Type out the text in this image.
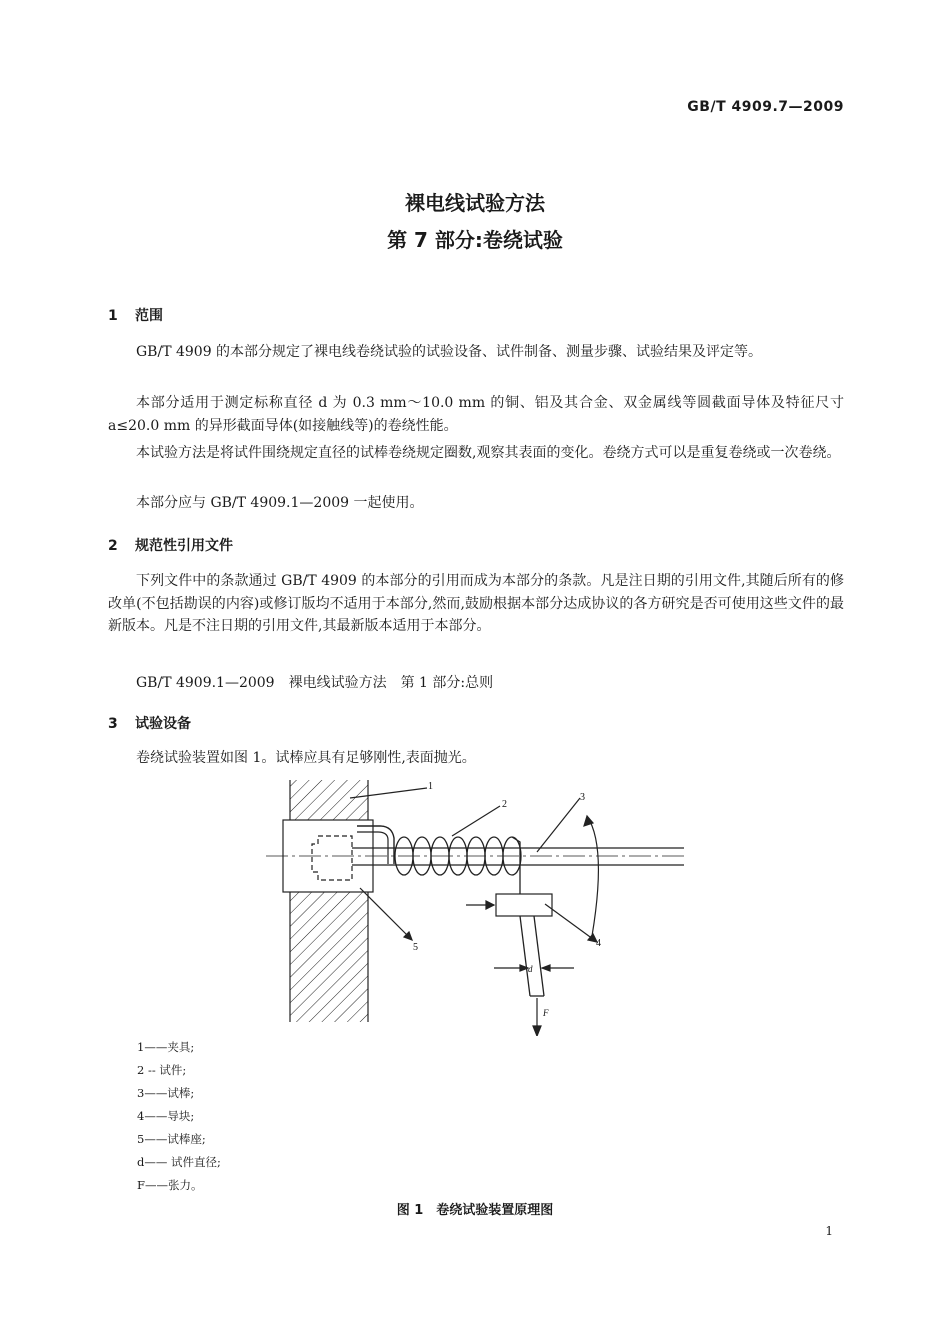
GB/T 4909.7—2009
裸电线试验方法
第 7 部分:卷绕试验
1 范围
GB/T 4909 的本部分规定了裸电线卷绕试验的试验设备、试件制备、测量步骤、试验结果及评定等。
本部分适用于测定标称直径 d 为 0.3 mm～10.0 mm 的铜、铝及其合金、双金属线等圆截面导体及特征尺寸 a≤20.0 mm 的异形截面导体(如接触线等)的卷绕性能。
本试验方法是将试件围绕规定直径的试棒卷绕规定圈数,观察其表面的变化。卷绕方式可以是重复卷绕或一次卷绕。
本部分应与 GB/T 4909.1—2009 一起使用。
2 规范性引用文件
下列文件中的条款通过 GB/T 4909 的本部分的引用而成为本部分的条款。凡是注日期的引用文件,其随后所有的修改单(不包括勘误的内容)或修订版均不适用于本部分,然而,鼓励根据本部分达成协议的各方研究是否可使用这些文件的最新版本。凡是不注日期的引用文件,其最新版本适用于本部分。
GB/T 4909.1—2009　裸电线试验方法　第 1 部分:总则
3 试验设备
卷绕试验装置如图 1。试棒应具有足够刚性,表面抛光。
1
2
3
4
5
d
F
1——夹具;
2 -- 试件;
3——试棒;
4——导块;
5——试棒座;
d—— 试件直径;
F——张力。
图 1　卷绕试验装置原理图
1
